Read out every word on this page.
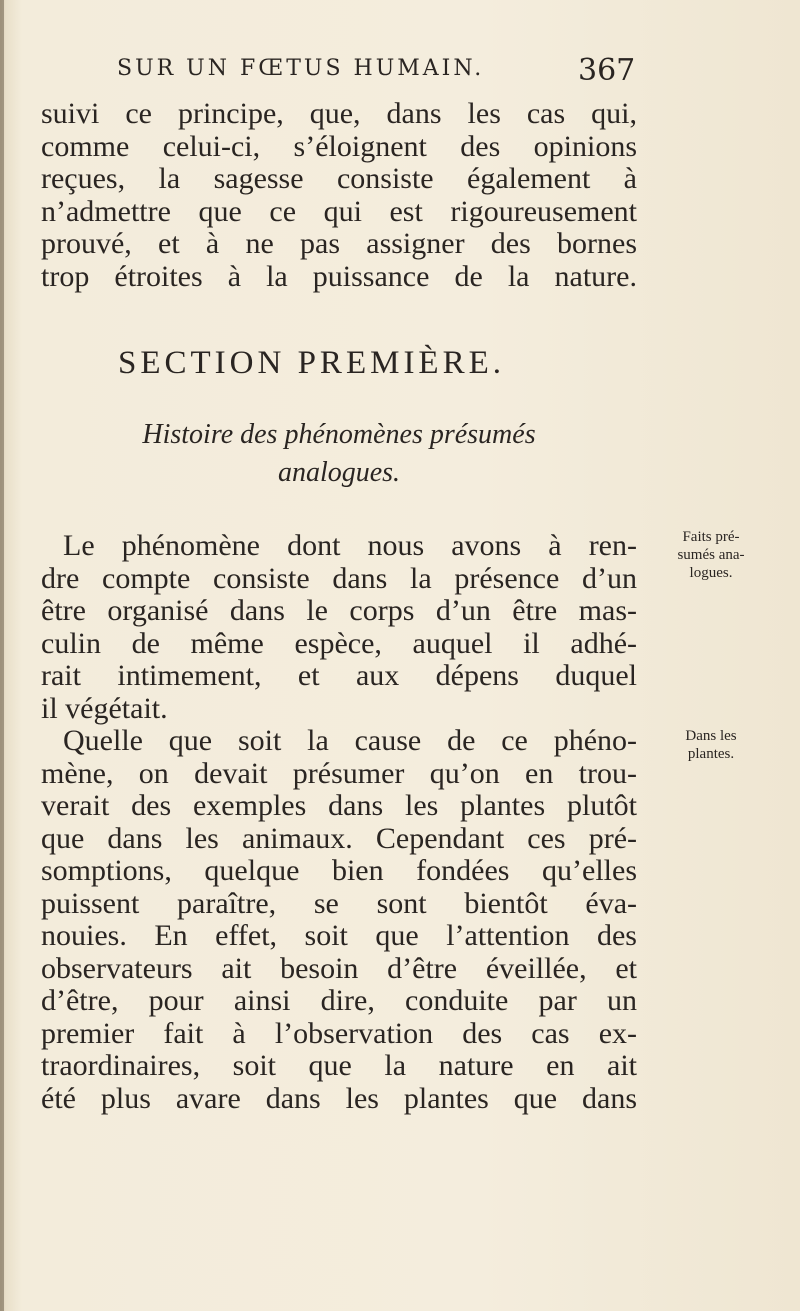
SUR UN FŒTUS HUMAIN.	367
suivi ce principe, que, dans les cas qui,
comme celui-ci, s’éloignent des opinions
reçues, la sagesse consiste également à
n’admettre que ce qui est rigoureusement
prouvé, et à ne pas assigner des bornes
trop étroites à la puissance de la nature.
SECTION PREMIÈRE.
Histoire des phénomènes présumés
analogues.
Le phénomène dont nous avons à ren-
dre compte consiste dans la présence d’un
être organisé dans le corps d’un être mas-
culin de même espèce, auquel il adhé-
rait intimement, et aux dépens duquel
il végétait.
Quelle que soit la cause de ce phéno-
mène, on devait présumer qu’on en trou-
verait des exemples dans les plantes plutôt
que dans les animaux. Cependant ces pré-
somptions, quelque bien fondées qu’elles
puissent paraître, se sont bientôt éva-
nouies. En effet, soit que l’attention des
observateurs ait besoin d’être éveillée, et
d’être, pour ainsi dire, conduite par un
premier fait à l’observation des cas ex-
traordinaires, soit que la nature en ait
été plus avare dans les plantes que dans
Faits pré-
sumés ana-
logues.
Dans les
plantes.
